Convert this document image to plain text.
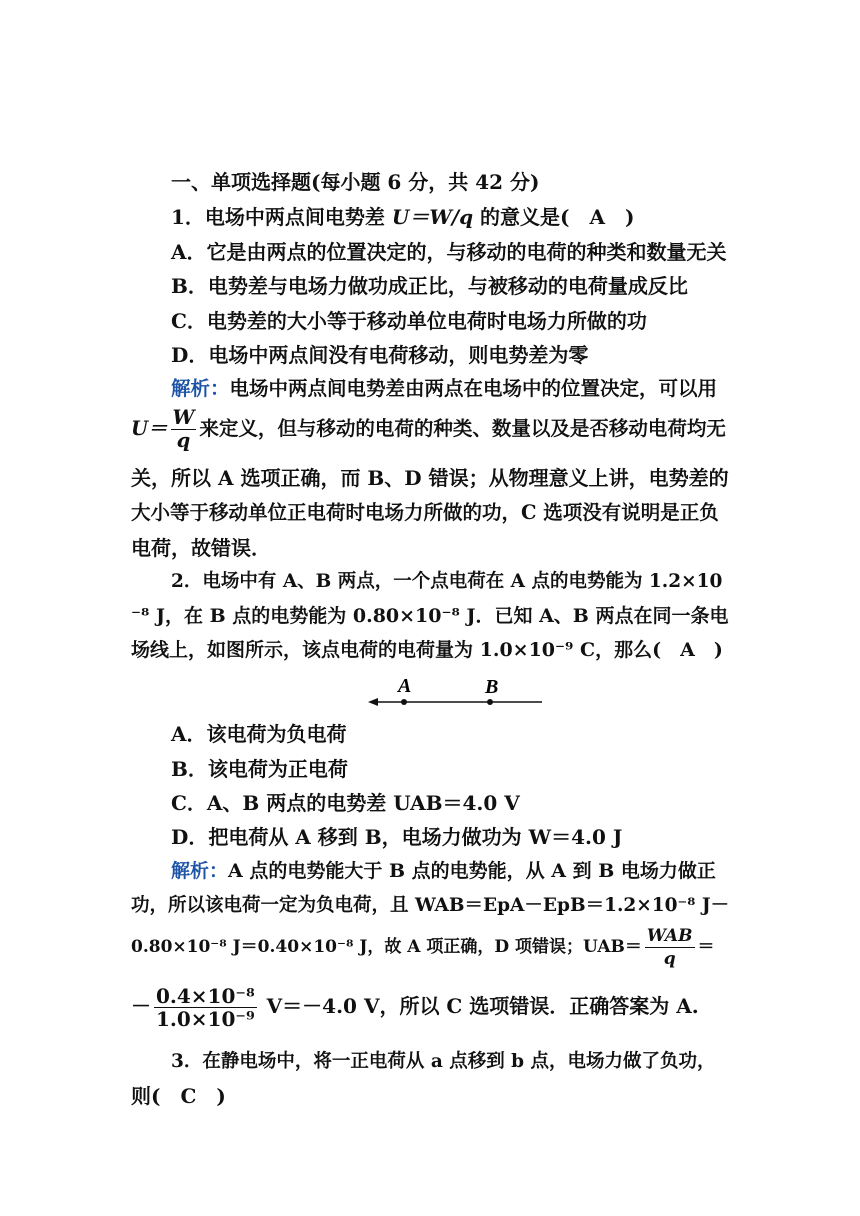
一、单项选择题(每小题 6 分，共 42 分)
1．电场中两点间电势差 U＝W/q 的意义是(　A　)
A．它是由两点的位置决定的，与移动的电荷的种类和数量无关
B．电势差与电场力做功成正比，与被移动的电荷量成反比
C．电势差的大小等于移动单位电荷时电场力所做的功
D．电场中两点间没有电荷移动，则电势差为零
解析：电场中两点间电势差由两点在电场中的位置决定，可以用
$U= \frac{W}{q}$ 来定义，但与移动的电荷的种类、数量以及是否移动电荷均无
关，所以 A 选项正确，而 B、D 错误；从物理意义上讲，电势差的
大小等于移动单位正电荷时电场力所做的功，C 选项没有说明是正负
电荷，故错误．
2．电场中有 A、B 两点，一个点电荷在 A 点的电势能为 1.2×10
⁻⁸ J，在 B 点的电势能为 0.80×10⁻⁸ J．已知 A、B 两点在同一条电
场线上，如图所示，该点电荷的电荷量为 1.0×10⁻⁹ C，那么(　A　)
A	B
A．该电荷为负电荷
B．该电荷为正电荷
C．A、B 两点的电势差 UAB＝4.0 V
D．把电荷从 A 移到 B，电场力做功为 W＝4.0 J
解析：A 点的电势能大于 B 点的电势能，从 A 到 B 电场力做正
功，所以该电荷一定为负电荷，且 WAB＝EpA－EpB＝1.2×10⁻⁸ J－
0.80×10⁻⁸ J＝0.40×10⁻⁸ J，故 A 项正确，D 项错误；$UAB= \frac{\text{WAB}}{q}$ ＝
－ $\frac{\text{0.4×10⁻⁸}}{\text{1.0×10⁻⁹}} V=-4.0$ V，所以 C 选项错误．正确答案为 A.
3．在静电场中，将一正电荷从 a 点移到 b 点，电场力做了负功，
则(　C　)
